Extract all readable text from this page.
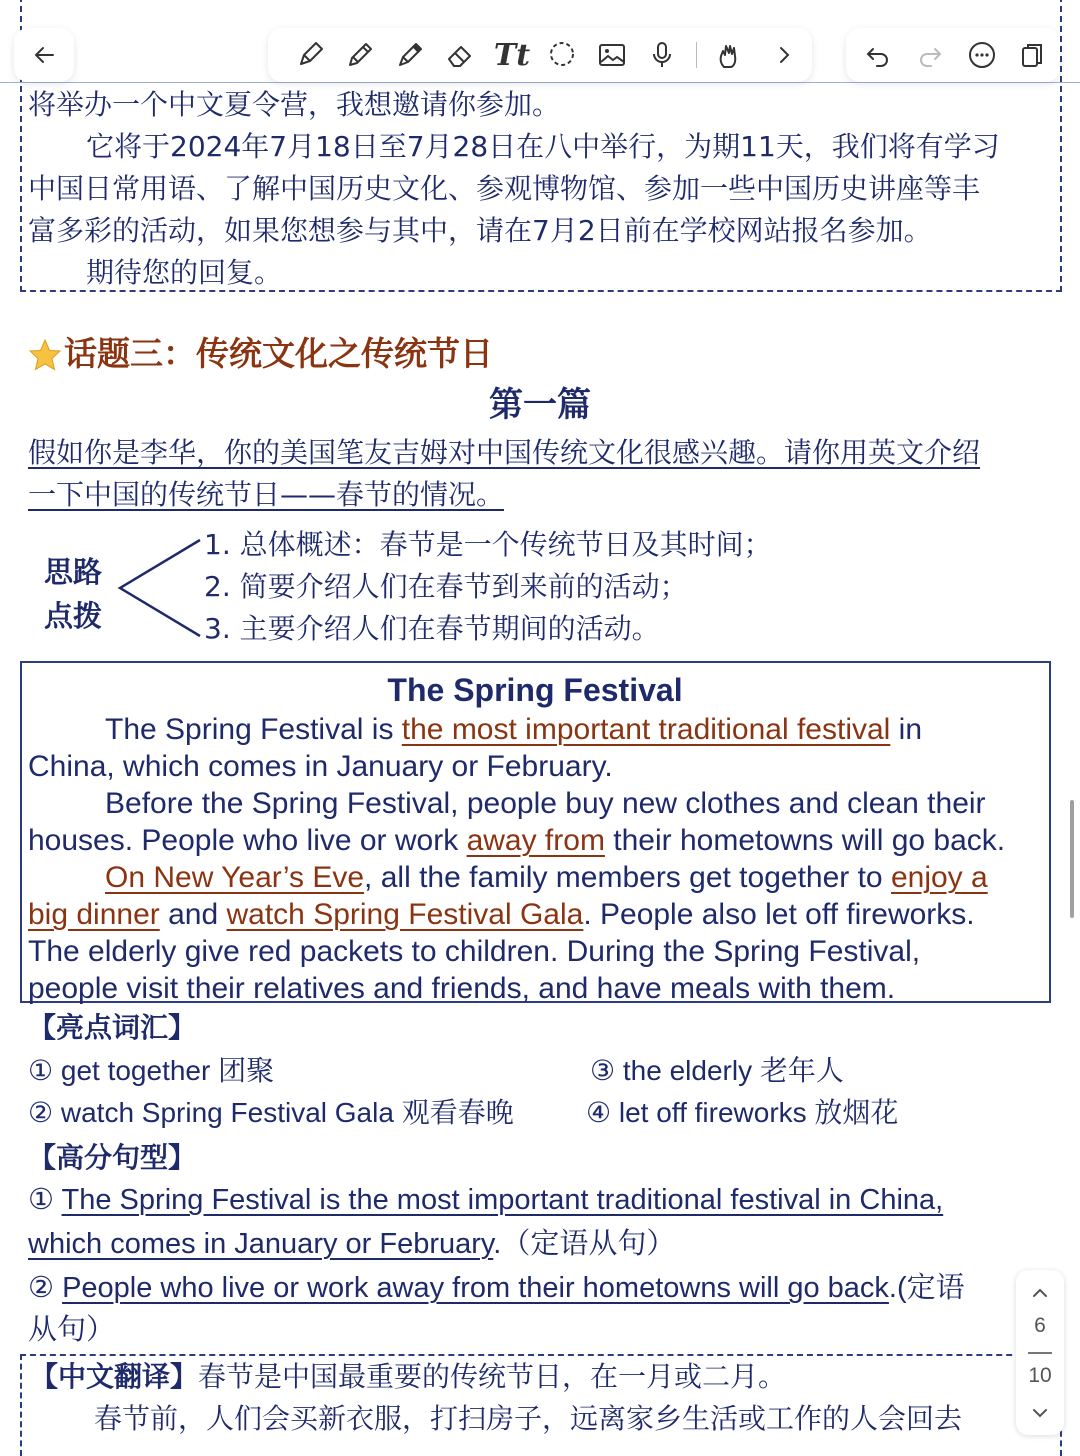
将举办一个中文夏令营，我想邀请你参加。
它将于2024年7月18日至7月28日在八中举行，为期11天，我们将有学习
中国日常用语、了解中国历史文化、参观博物馆、参加一些中国历史讲座等丰
富多彩的活动，如果您想参与其中，请在7月2日前在学校网站报名参加。
期待您的回复。
Tt
话题三：传统文化之传统节日
第一篇
假如你是李华，你的美国笔友吉姆对中国传统文化很感兴趣。请你用英文介绍
一下中国的传统节日——春节的情况。
思路
点拨
1. 总体概述：春节是一个传统节日及其时间；
2. 简要介绍人们在春节到来前的活动；
3. 主要介绍人们在春节期间的活动。
The Spring Festival
The Spring Festival is the most important traditional festival in
China, which comes in January or February.
Before the Spring Festival, people buy new clothes and clean their
houses. People who live or work away from their hometowns will go back.
On New Year’s Eve, all the family members get together to enjoy a
big dinner and watch Spring Festival Gala. People also let off fireworks.
The elderly give red packets to children. During the Spring Festival,
people visit their relatives and friends, and have meals with them.
【亮点词汇】
① get together 团聚	③ the elderly 老年人
② watch Spring Festival Gala 观看春晚	④ let off fireworks 放烟花
【高分句型】
① The Spring Festival is the most important traditional festival in China,
which comes in January or February.（定语从句）
② People who live or work away from their hometowns will go back.(定语
从句）
【中文翻译】春节是中国最重要的传统节日，在一月或二月。
春节前，人们会买新衣服，打扫房子，远离家乡生活或工作的人会回去
6
10
